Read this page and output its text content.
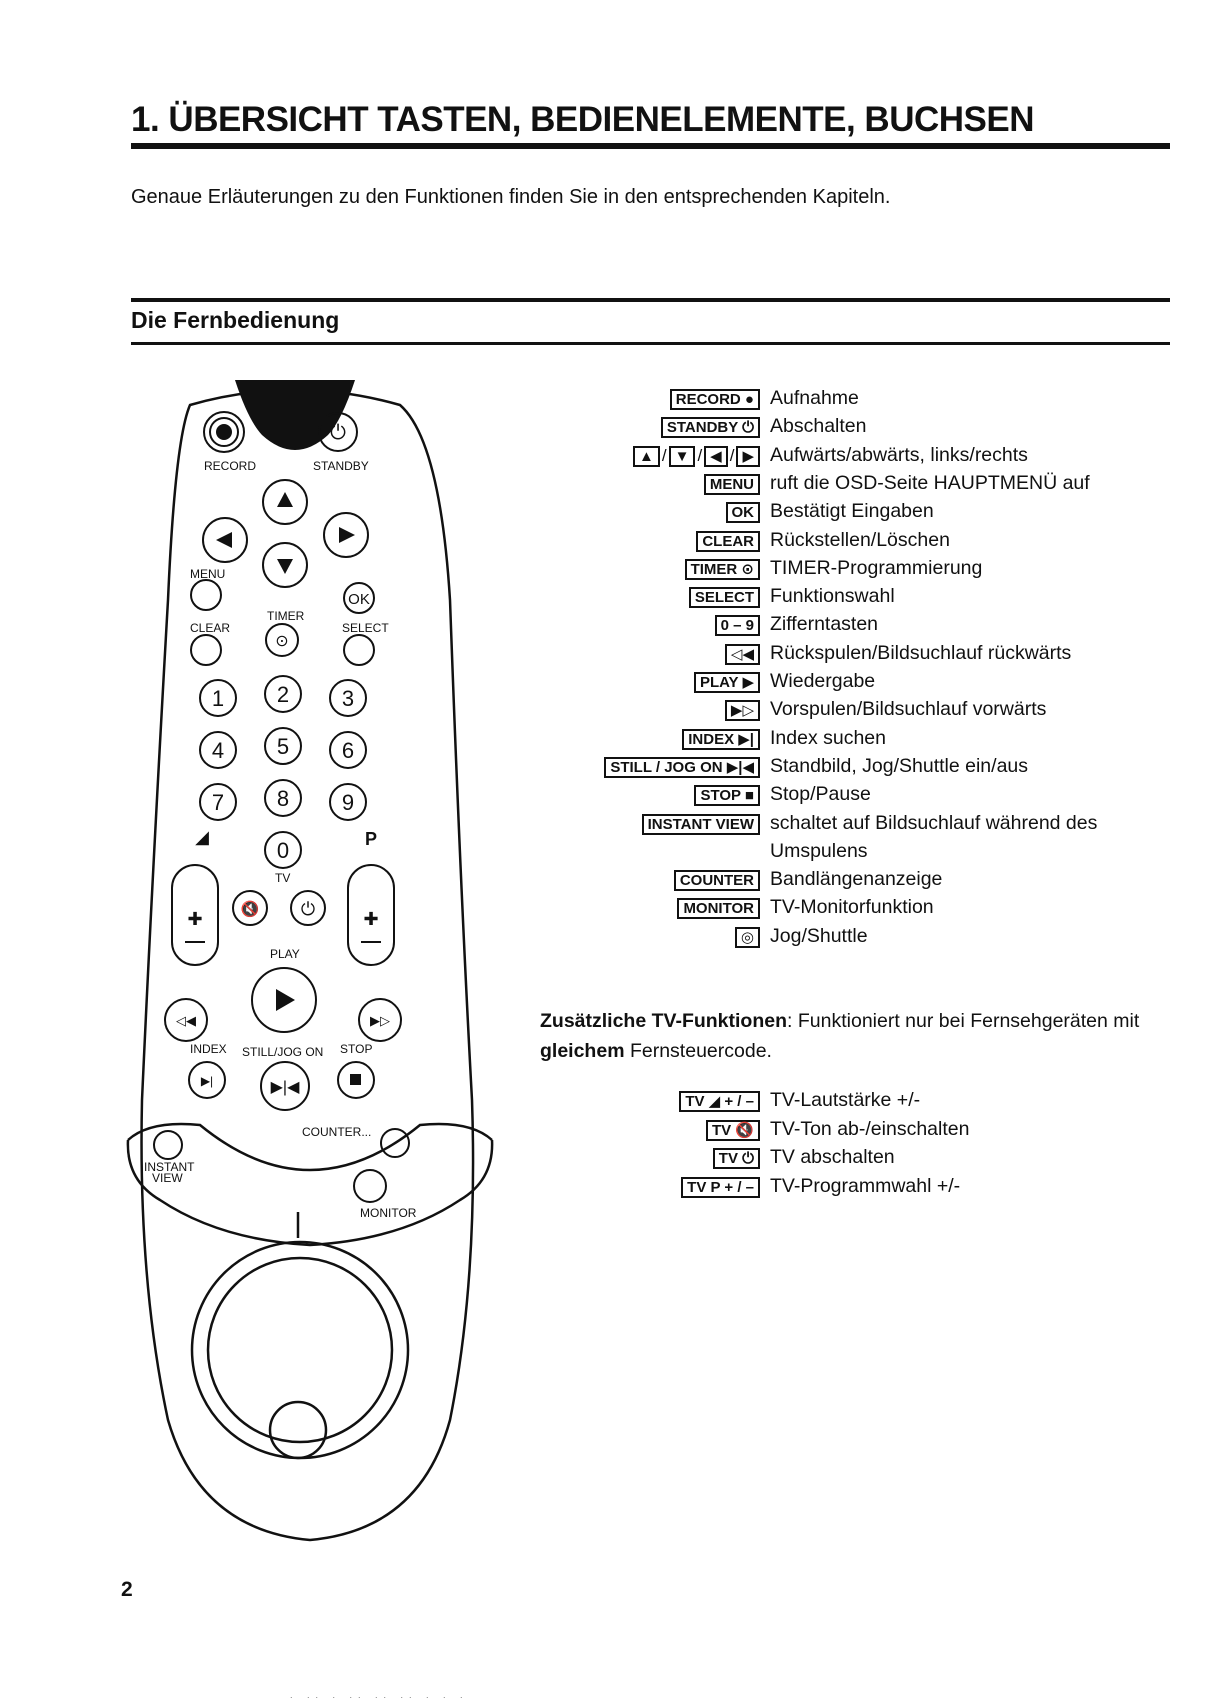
1. ÜBERSICHT TASTEN, BEDIENELEMENTE, BUCHSEN
Genaue Erläuterungen zu den Funktionen finden Sie in den entsprechenden Kapiteln.
Die Fernbedienung
⏻
OK
⊙
◁◀	▶▷
▶|	▶|◀
✚	✚
🔇 ⏻
◢
1 2 3
4 5 6
7 8 9
0
RECORD	STANDBY
MENU
TIMER
CLEAR	SELECT
P
TV
PLAY
INDEX STILL/JOG ON STOP
COUNTER...
INSTANT
VIEW
MONITOR
RECORD ● Aufnahme
STANDBY ⏻ Abschalten
▲ / ▼ / ◀ / ▶ Aufwärts/abwärts, links/rechts
MENU ruft die OSD-Seite HAUPTMENÜ auf
OK Bestätigt Eingaben
CLEAR Rückstellen/Löschen
TIMER ⊙ TIMER-Programmierung
SELECT Funktionswahl
0 – 9 Zifferntasten
◁◀ Rückspulen/Bildsuchlauf rückwärts
PLAY ▶ Wiedergabe
▶▷ Vorspulen/Bildsuchlauf vorwärts
INDEX ▶| Index suchen
STILL / JOG ON ▶|◀ Standbild, Jog/Shuttle ein/aus
STOP ■ Stop/Pause
INSTANT VIEW schaltet auf Bildsuchlauf während des
Umspulens
COUNTER Bandlängenanzeige
MONITOR TV-Monitorfunktion
◎ Jog/Shuttle
Zusätzliche TV-Funktionen: Funktioniert nur bei Fernsehgeräten mit
gleichem Fernsteuercode.
TV ◢ + / – TV-Lautstärke +/-
TV 🔇 TV-Ton ab-/einschalten
TV ⏻ TV abschalten
TV P + / – TV-Programmwahl +/-
2
. .. . .. .. .. . . .
